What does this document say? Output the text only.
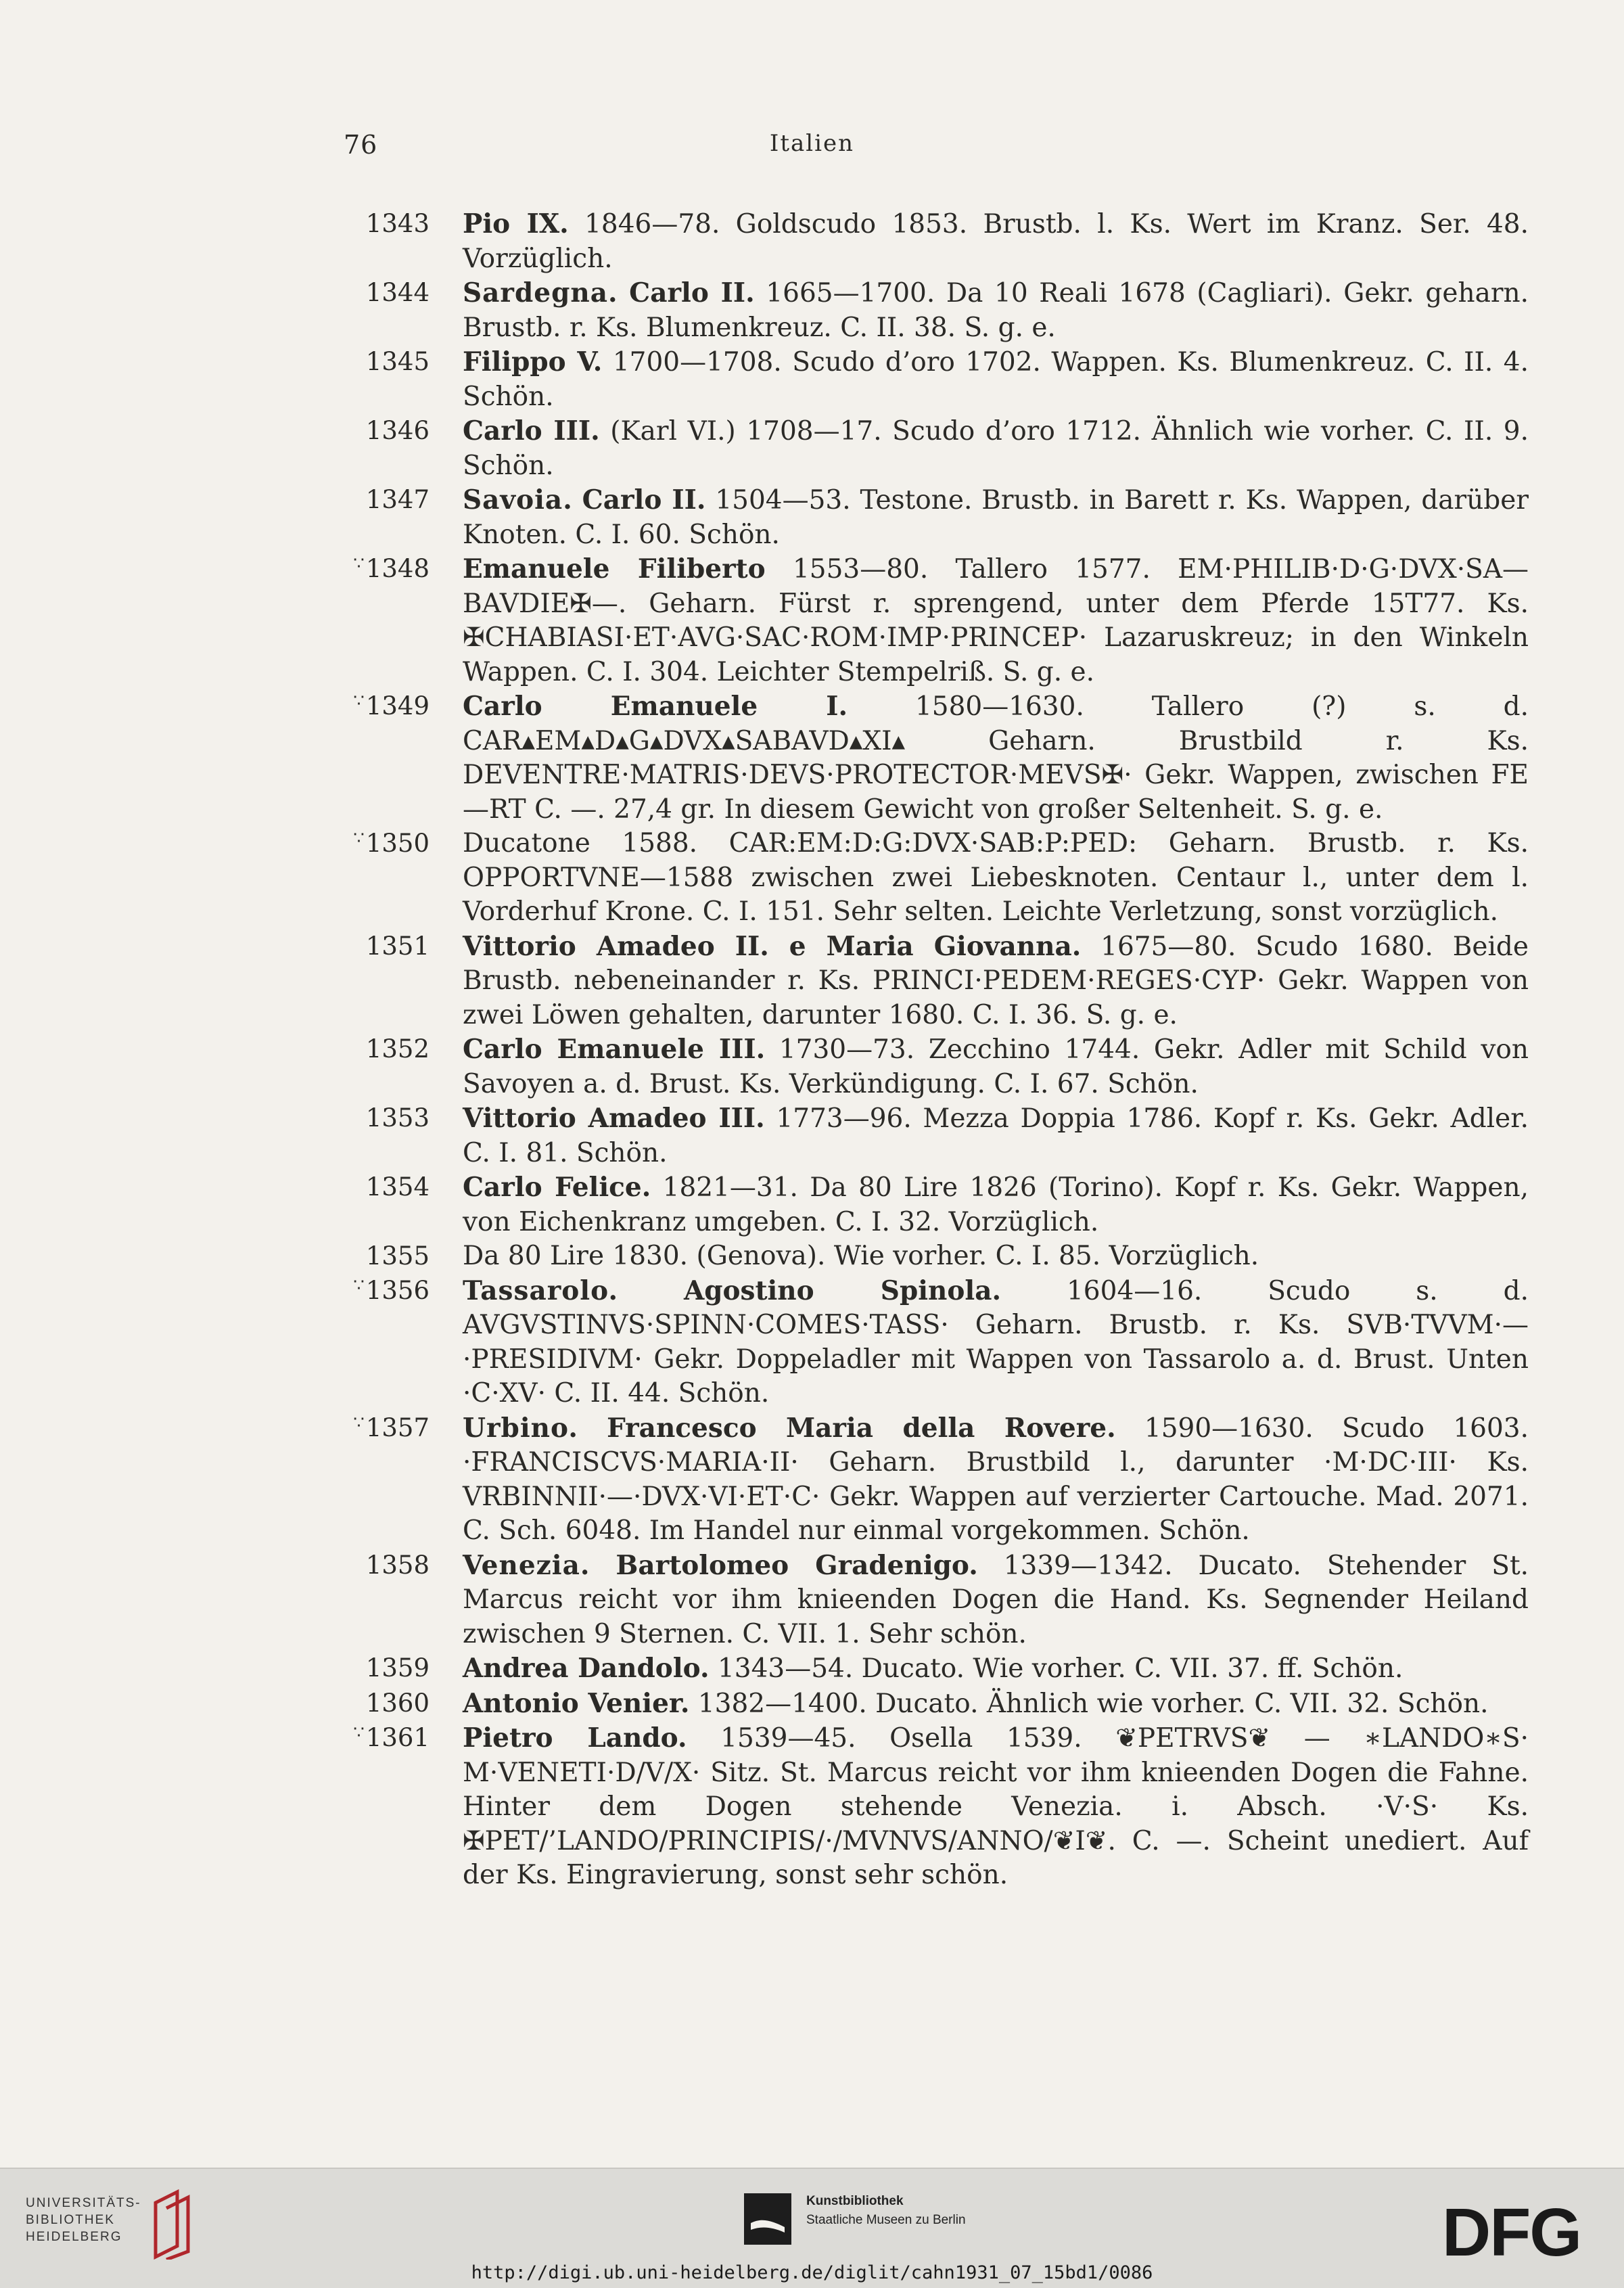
76	Italien
1343 Pio IX. 1846—78. Goldscudo 1853. Brustb. l. Ks. Wert im Kranz. Ser. 48. Vorzüglich.
1344 Sardegna. Carlo II. 1665—1700. Da 10 Reali 1678 (Cagliari). Gekr. geharn. Brustb. r. Ks. Blumenkreuz. C. II. 38. S. g. e.
1345 Filippo V. 1700—1708. Scudo d’oro 1702. Wappen. Ks. Blumenkreuz. C. II. 4. Schön.
1346 Carlo III. (Karl VI.) 1708—17. Scudo d’oro 1712. Ähnlich wie vorher. C. II. 9. Schön.
1347 Savoia. Carlo II. 1504—53. Testone. Brustb. in Barett r. Ks. Wappen, darüber Knoten. C. I. 60. Schön.
∵1348 Emanuele Filiberto 1553—80. Tallero 1577. EM·PHILIB·D·G·DVX·SA—BAVDIE✠—. Geharn. Fürst r. sprengend, unter dem Pferde 15T77. Ks. ✠CHABIASI·ET·AVG·SAC·ROM·IMP·PRINCEP· Lazaruskreuz; in den Winkeln Wappen. C. I. 304. Leichter Stempelriß. S. g. e.
∵1349 Carlo Emanuele I. 1580—1630. Tallero (?) s. d. CAR▴EM▴D▴G▴DVX▴SABAVD▴XI▴ Geharn. Brustbild r. Ks. DEVENTRE·MATRIS·DEVS·PROTECTOR·MEVS✠· Gekr. Wappen, zwischen FE—RT C. —. 27,4 gr. In diesem Gewicht von großer Seltenheit. S. g. e.
∵1350 Ducatone 1588. CAR:EM:D:G:DVX·SAB:P:PED: Geharn. Brustb. r. Ks. OPPORTVNE—1588 zwischen zwei Liebesknoten. Centaur l., unter dem l. Vorderhuf Krone. C. I. 151. Sehr selten. Leichte Verletzung, sonst vorzüglich.
1351 Vittorio Amadeo II. e Maria Giovanna. 1675—80. Scudo 1680. Beide Brustb. nebeneinander r. Ks. PRINCI·PEDEM·REGES·CYP· Gekr. Wappen von zwei Löwen gehalten, darunter 1680. C. I. 36. S. g. e.
1352 Carlo Emanuele III. 1730—73. Zecchino 1744. Gekr. Adler mit Schild von Savoyen a. d. Brust. Ks. Verkündigung. C. I. 67. Schön.
1353 Vittorio Amadeo III. 1773—96. Mezza Doppia 1786. Kopf r. Ks. Gekr. Adler. C. I. 81. Schön.
1354 Carlo Felice. 1821—31. Da 80 Lire 1826 (Torino). Kopf r. Ks. Gekr. Wappen, von Eichenkranz umgeben. C. I. 32. Vorzüglich.
1355 Da 80 Lire 1830. (Genova). Wie vorher. C. I. 85. Vorzüglich.
∵1356 Tassarolo. Agostino Spinola. 1604—16. Scudo s. d. AVGVSTINVS·SPINN·COMES·TASS· Geharn. Brustb. r. Ks. SVB·TVVM·—·PRESIDIVM· Gekr. Doppeladler mit Wappen von Tassarolo a. d. Brust. Unten ·C·XV· C. II. 44. Schön.
∵1357 Urbino. Francesco Maria della Rovere. 1590—1630. Scudo 1603. ·FRANCISCVS·MARIA·II· Geharn. Brustbild l., darunter ·M·DC·III· Ks. VRBINNII·—·DVX·VI·ET·C· Gekr. Wappen auf verzierter Cartouche. Mad. 2071. C. Sch. 6048. Im Handel nur einmal vorgekommen. Schön.
1358 Venezia. Bartolomeo Gradenigo. 1339—1342. Ducato. Stehender St. Marcus reicht vor ihm knieenden Dogen die Hand. Ks. Segnender Heiland zwischen 9 Sternen. C. VII. 1. Sehr schön.
1359 Andrea Dandolo. 1343—54. Ducato. Wie vorher. C. VII. 37. ff. Schön.
1360 Antonio Venier. 1382—1400. Ducato. Ähnlich wie vorher. C. VII. 32. Schön.
∵1361 Pietro Lando. 1539—45. Osella 1539. ❦PETRVS❦ — ∗LANDO∗S· M·VENETI·D/V/X· Sitz. St. Marcus reicht vor ihm knieenden Dogen die Fahne. Hinter dem Dogen stehende Venezia. i. Absch. ·V·S· Ks. ✠PET/’LANDO/PRINCIPIS/·/MVNVS/ANNO/❦I❦. C. —. Scheint unediert. Auf der Ks. Eingravierung, sonst sehr schön.
UNIVERSITÄTS-
BIBLIOTHEK
HEIDELBERG
Kunstbibliothek
Staatliche Museen zu Berlin	DFG
http://digi.ub.uni-heidelberg.de/diglit/cahn1931_07_15bd1/0086
